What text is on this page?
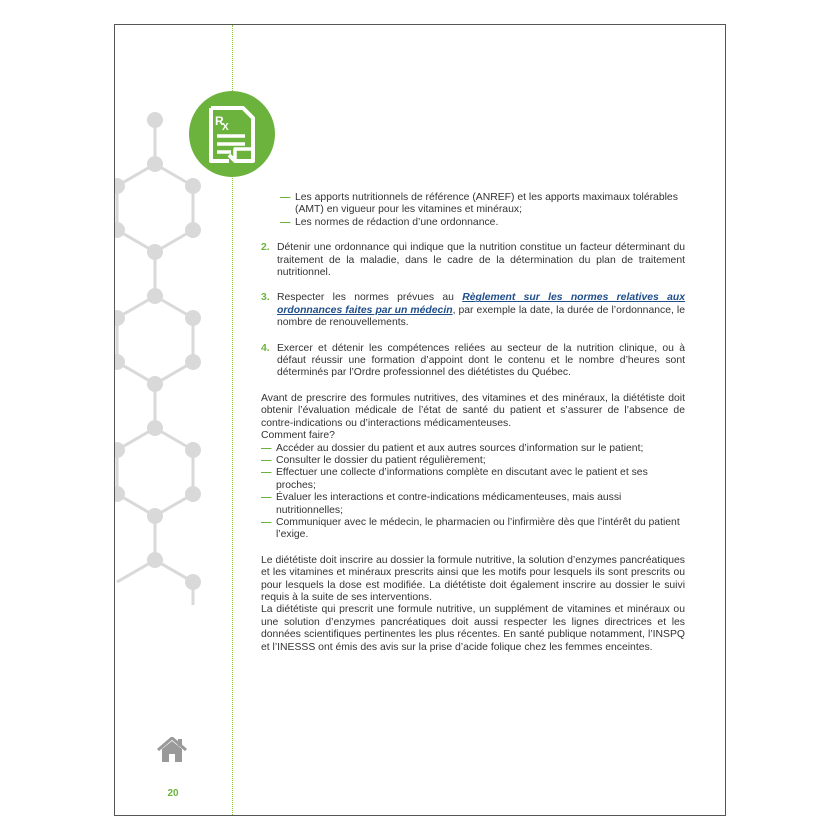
R
X
20
— Les apports nutritionnels de référence (ANREF) et les apports maximaux tolérables (AMT) en vigueur pour les vitamines et minéraux;
— Les normes de rédaction d’une ordonnance.
2. Détenir une ordonnance qui indique que la nutrition constitue un facteur déterminant du traitement de la maladie, dans le cadre de la détermination du plan de traitement nutritionnel.

3. Respecter les normes prévues au Règlement sur les normes relatives aux ordonnances faites par un médecin, par exemple la date, la durée de l’ordonnance, le nombre de renouvellements.

4. Exercer et détenir les compétences reliées au secteur de la nutrition clinique, ou à défaut réussir une formation d’appoint dont le contenu et le nombre d’heures sont déterminés par l’Ordre professionnel des diététistes du Québec.

Avant de prescrire des formules nutritives, des vitamines et des minéraux, la diététiste doit obtenir l’évaluation médicale de l’état de santé du patient et s’assurer de l’absence de contre-indications ou d’interactions médicamenteuses.

Comment faire?

— Accéder au dossier du patient et aux autres sources d’information sur le patient;
— Consulter le dossier du patient régulièrement;
— Effectuer une collecte d’informations complète en discutant avec le patient et ses proches;
— Évaluer les interactions et contre-indications médicamenteuses, mais aussi nutritionnelles;
— Communiquer avec le médecin, le pharmacien ou l’infirmière dès que l’intérêt du patient l’exige.

Le diététiste doit inscrire au dossier la formule nutritive, la solution d’enzymes pancréatiques et les vitamines et minéraux prescrits ainsi que les motifs pour lesquels ils sont prescrits ou pour lesquels la dose est modifiée. La diététiste doit également inscrire au dossier le suivi requis à la suite de ses interventions.

La diététiste qui prescrit une formule nutritive, un supplément de vitamines et minéraux ou une solution d’enzymes pancréatiques doit aussi respecter les lignes directrices et les données scientifiques pertinentes les plus récentes. En santé publique notamment, l’INSPQ et l’INESSS ont émis des avis sur la prise d’acide folique chez les femmes enceintes.
